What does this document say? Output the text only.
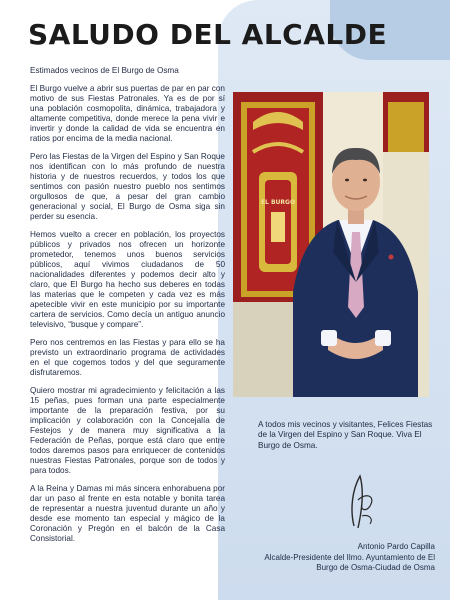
SALUDO DEL ALCALDE

Estimados vecinos de El Burgo de Osma

El Burgo vuelve a abrir sus puertas de par en par con motivo de sus Fiestas Patronales. Ya es de por sí una población cosmopolita, dinámica, trabajadora y altamente competitiva, donde merece la pena vivir e invertir y donde la calidad de vida se encuentra en ratios por encima de la media nacional.

Pero las Fiestas de la Virgen del Espino y San Roque nos identifican con lo más profundo de nuestra historia y de nuestros recuerdos, y todos los que sentimos con pasión nuestro pueblo nos sentimos orgullosos de que, a pesar del gran cambio generacional y social, El Burgo de Osma siga sin perder su esencia.

Hemos vuelto a crecer en población, los proyectos públicos y privados nos ofrecen un horizonte prometedor, tenemos unos buenos servicios públicos, aquí vivimos ciudadanos de 50 nacionalidades diferentes y podemos decir alto y claro, que El Burgo ha hecho sus deberes en todas las materias que le competen y cada vez es más apetecible vivir en este municipio por su importante cartera de servicios. Como decía un antiguo anuncio televisivo, “busque y compare”.

Pero nos centremos en las Fiestas y para ello se ha previsto un extraordinario programa de actividades en el que cogemos todos y del que seguramente disfrutaremos.

Quiero mostrar mi agradecimiento y felicitación a las 15 peñas, pues forman una parte especialmente importante de la preparación festiva, por su implicación y colaboración con la Concejalía de Festejos y de manera muy significativa a la Federación de Peñas, porque está claro que entre todos daremos pasos para enriquecer de contenidos nuestras Fiestas Patronales, porque son de todos y para todos.

A la Reina y Damas mi más sincera enhorabuena por dar un paso al frente en esta notable y bonita tarea de representar a nuestra juventud durante un año y desde ese momento tan especial y mágico de la Coronación y Pregón en el balcón de la Casa Consistorial.

EL BURGO

A todos mis vecinos y visitantes, Felices Fiestas de la Virgen del Espino y San Roque. Viva El Burgo de Osma.

Antonio Pardo Capilla

Alcalde-Presidente del Ilmo. Ayuntamiento de El Burgo de Osma-Ciudad de Osma
